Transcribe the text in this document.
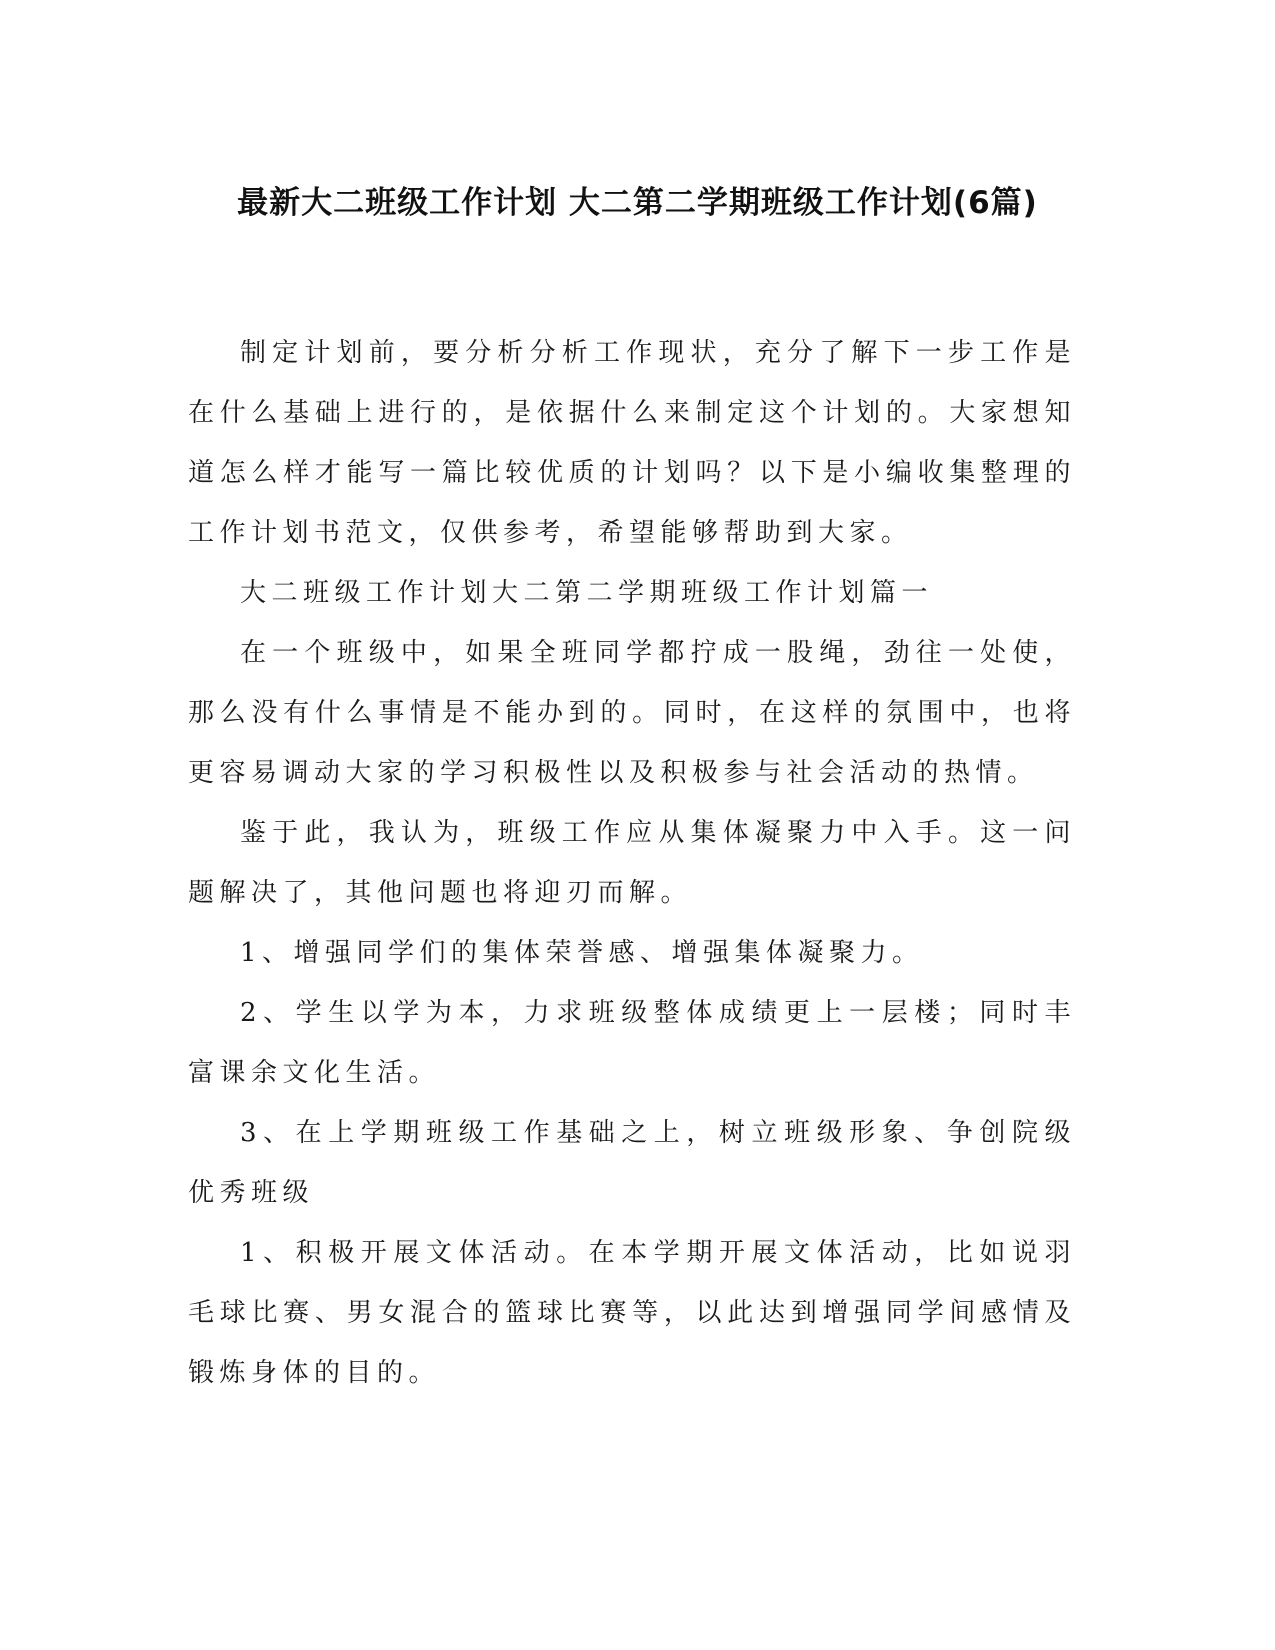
最新大二班级工作计划 大二第二学期班级工作计划(6篇)

制定计划前，要分析分析工作现状，充分了解下一步工作是在什么基础上进行的，是依据什么来制定这个计划的。大家想知道怎么样才能写一篇比较优质的计划吗？以下是小编收集整理的工作计划书范文，仅供参考，希望能够帮助到大家。

大二班级工作计划大二第二学期班级工作计划篇一

在一个班级中，如果全班同学都拧成一股绳，劲往一处使，那么没有什么事情是不能办到的。同时，在这样的氛围中，也将更容易调动大家的学习积极性以及积极参与社会活动的热情。

鉴于此，我认为，班级工作应从集体凝聚力中入手。这一问题解决了，其他问题也将迎刃而解。

1、增强同学们的集体荣誉感、增强集体凝聚力。

2、学生以学为本，力求班级整体成绩更上一层楼；同时丰富课余文化生活。

3、在上学期班级工作基础之上，树立班级形象、争创院级优秀班级

1、积极开展文体活动。在本学期开展文体活动，比如说羽毛球比赛、男女混合的篮球比赛等，以此达到增强同学间感情及锻炼身体的目的。
